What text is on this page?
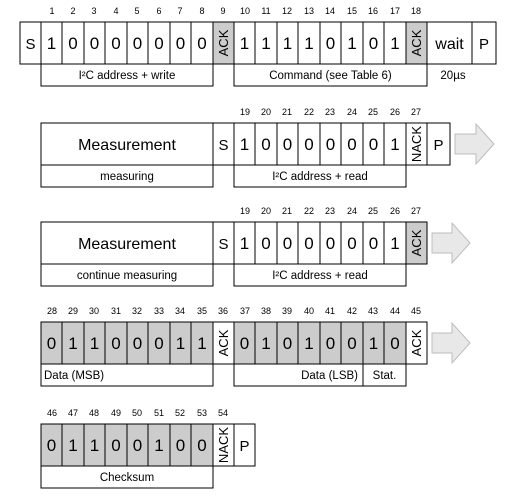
1 2 3 4 5 6 7 8 9 10 11 12 13 14 15 16 17 18
S 1 0 0 0 0 0 0 0 ACK 1 1 1 1 0 1 0 1 ACK wait P
I²C address + write	Command (see Table 6)	20µs
19 20 21 22 23 24 25 26 27
Measurement	S 1 0 0 0 0 0 0 1 NACK P
measuring	I²C address + read
19 20 21 22 23 24 25 26 27
Measurement	S 1 0 0 0 0 0 0 1 ACK
continue measuring	I²C address + read
28 29 30 31 32 33 34 35 36 37 38 39 40 41 42 43 44 45
0 1 1 0 0 0 1 1 ACK 0 1 0 1 0 0 1 0 ACK
Data (MSB)	Data (LSB) Stat.
46 47 48 49 50 51 52 53 54
0 1 1 0 0 1 0 0 NACK P
Checksum
